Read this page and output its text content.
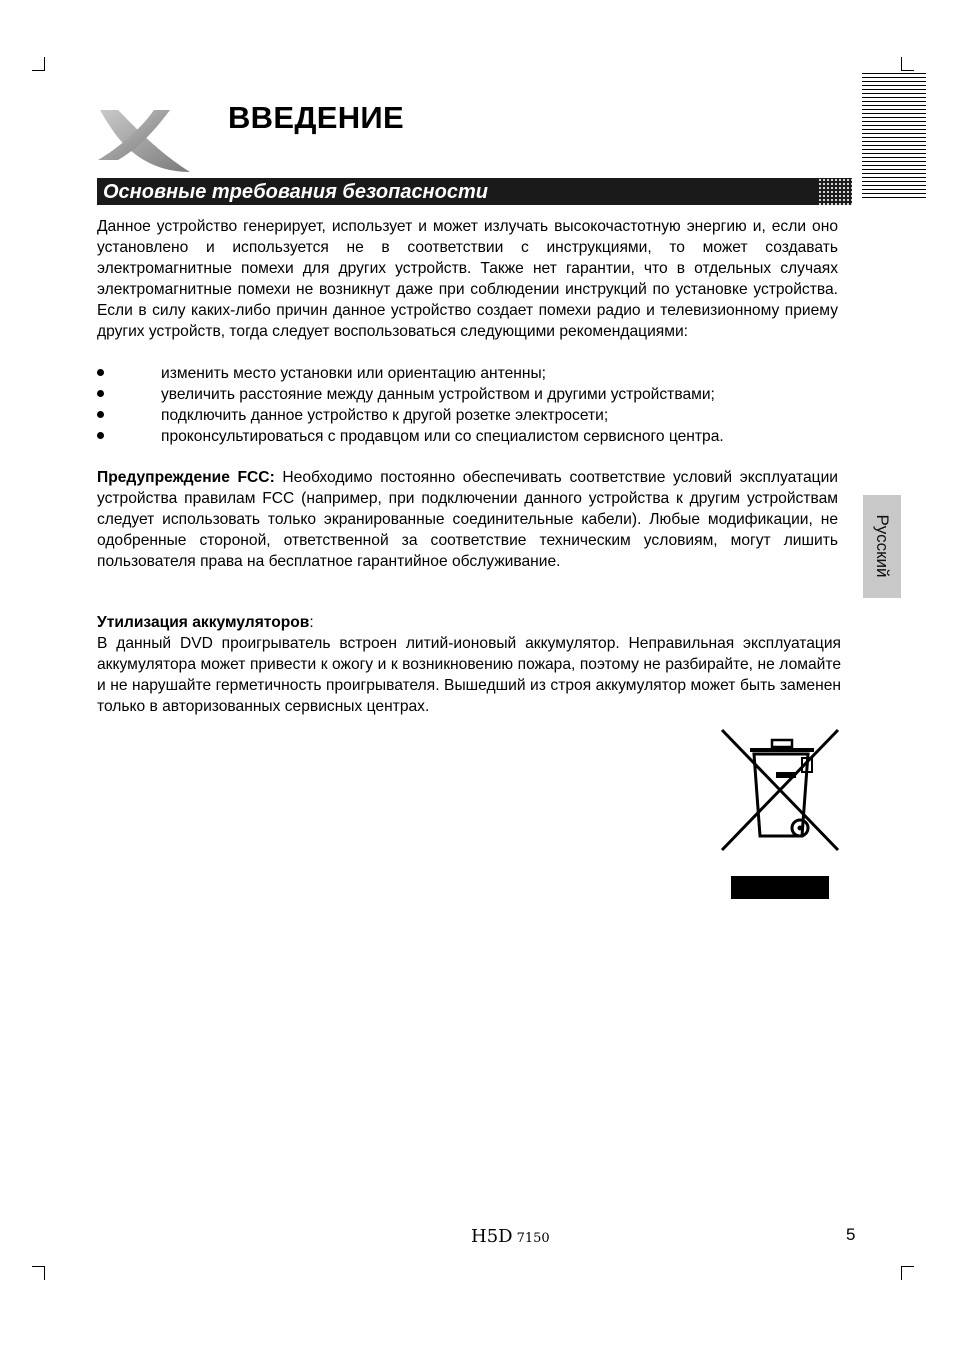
ВВЕДЕНИЕ
Основные требования безопасности
Русский
Данное устройство генерирует, использует и может излучать высокочастотную энергию и, если оно установлено и используется не в соответствии с инструкциями, то может создавать электромагнитные помехи для других устройств. Также нет гарантии, что в отдельных случаях электромагнитные помехи не возникнут даже при соблюдении инструкций по установке устройства. Если в силу каких-либо причин данное устройство создает помехи радио и телевизионному приему других устройств, тогда следует воспользоваться следующими рекомендациями:
изменить место установки или ориентацию антенны;
увеличить расстояние между данным устройством и другими устройствами;
подключить данное устройство к другой розетке электросети;
проконсультироваться с продавцом или со специалистом сервисного центра.
Предупреждение FCC: Необходимо постоянно обеспечивать соответствие условий эксплуатации устройства правилам FCC (например, при подключении данного устройства к другим устройствам следует использовать только экранированные соединительные кабели). Любые модификации, не одобренные стороной, ответственной за соответствие техническим условиям, могут лишить пользователя права на бесплатное гарантийное обслуживание.
Утилизация аккумуляторов:
В данный DVD проигрыватель встроен литий-ионовый аккумулятор. Неправильная эксплуатация аккумулятора может привести к ожогу и к возникновению пожара, поэтому не разбирайте, не ломайте и не нарушайте герметичность проигрывателя. Вышедший из строя аккумулятор может быть заменен только в авторизованных сервисных центрах.
H5D 7150	5
